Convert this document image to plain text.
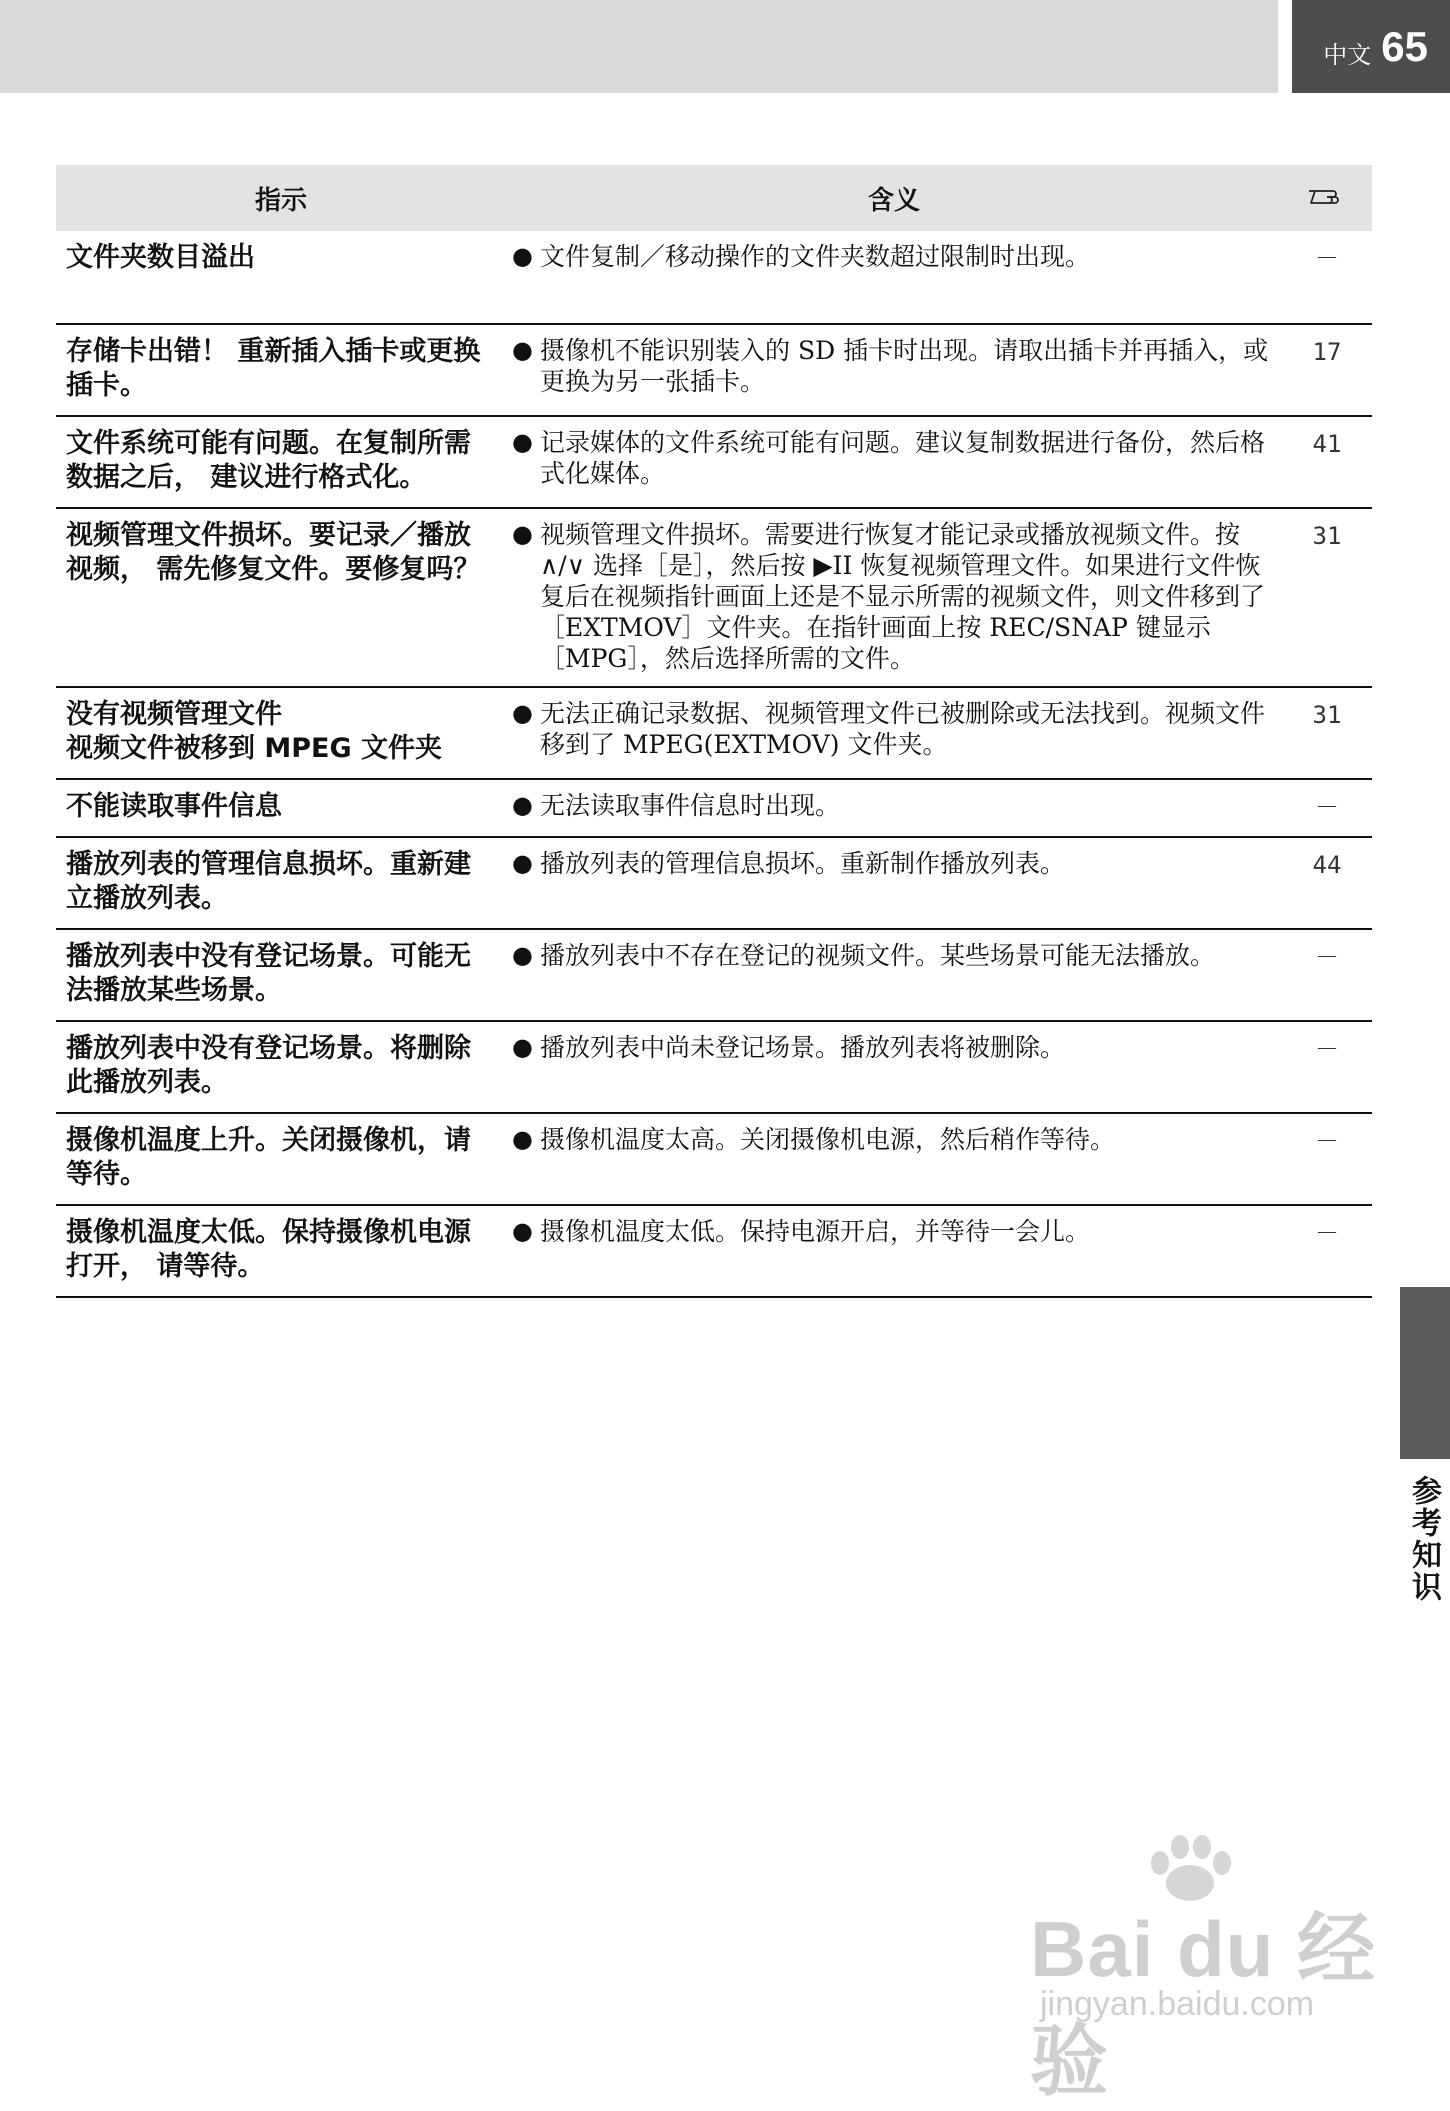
中文 65
指示	含义	
文件夹数目溢出	● 文件复制／移动操作的文件夹数超过限制时出现。	－
存储卡出错！ 重新插入插卡或更换插卡。	● 摄像机不能识别装入的 SD 插卡时出现。请取出插卡并再插入，或更换为另一张插卡。	17
文件系统可能有问题。在复制所需数据之后， 建议进行格式化。	● 记录媒体的文件系统可能有问题。建议复制数据进行备份，然后格式化媒体。	41
视频管理文件损坏。要记录／播放视频， 需先修复文件。要修复吗？	● 视频管理文件损坏。需要进行恢复才能记录或播放视频文件。按 ∧/∨ 选择［是］，然后按 ▶II 恢复视频管理文件。如果进行文件恢复后在视频指针画面上还是不显示所需的视频文件，则文件移到了［EXTMOV］文件夹。在指针画面上按 REC/SNAP 键显示［MPG］，然后选择所需的文件。	31
没有视频管理文件
视频文件被移到 MPEG 文件夹	● 无法正确记录数据、视频管理文件已被删除或无法找到。视频文件移到了 MPEG(EXTMOV) 文件夹。	31
不能读取事件信息	● 无法读取事件信息时出现。	－
播放列表的管理信息损坏。重新建立播放列表。	● 播放列表的管理信息损坏。重新制作播放列表。	44
播放列表中没有登记场景。可能无法播放某些场景。	● 播放列表中不存在登记的视频文件。某些场景可能无法播放。	－
播放列表中没有登记场景。将删除此播放列表。	● 播放列表中尚未登记场景。播放列表将被删除。	－
摄像机温度上升。关闭摄像机，请等待。	● 摄像机温度太高。关闭摄像机电源，然后稍作等待。	－
摄像机温度太低。保持摄像机电源打开， 请等待。	● 摄像机温度太低。保持电源开启，并等待一会儿。	－
参考知识
Bai du 经验
jingyan.baidu.com
